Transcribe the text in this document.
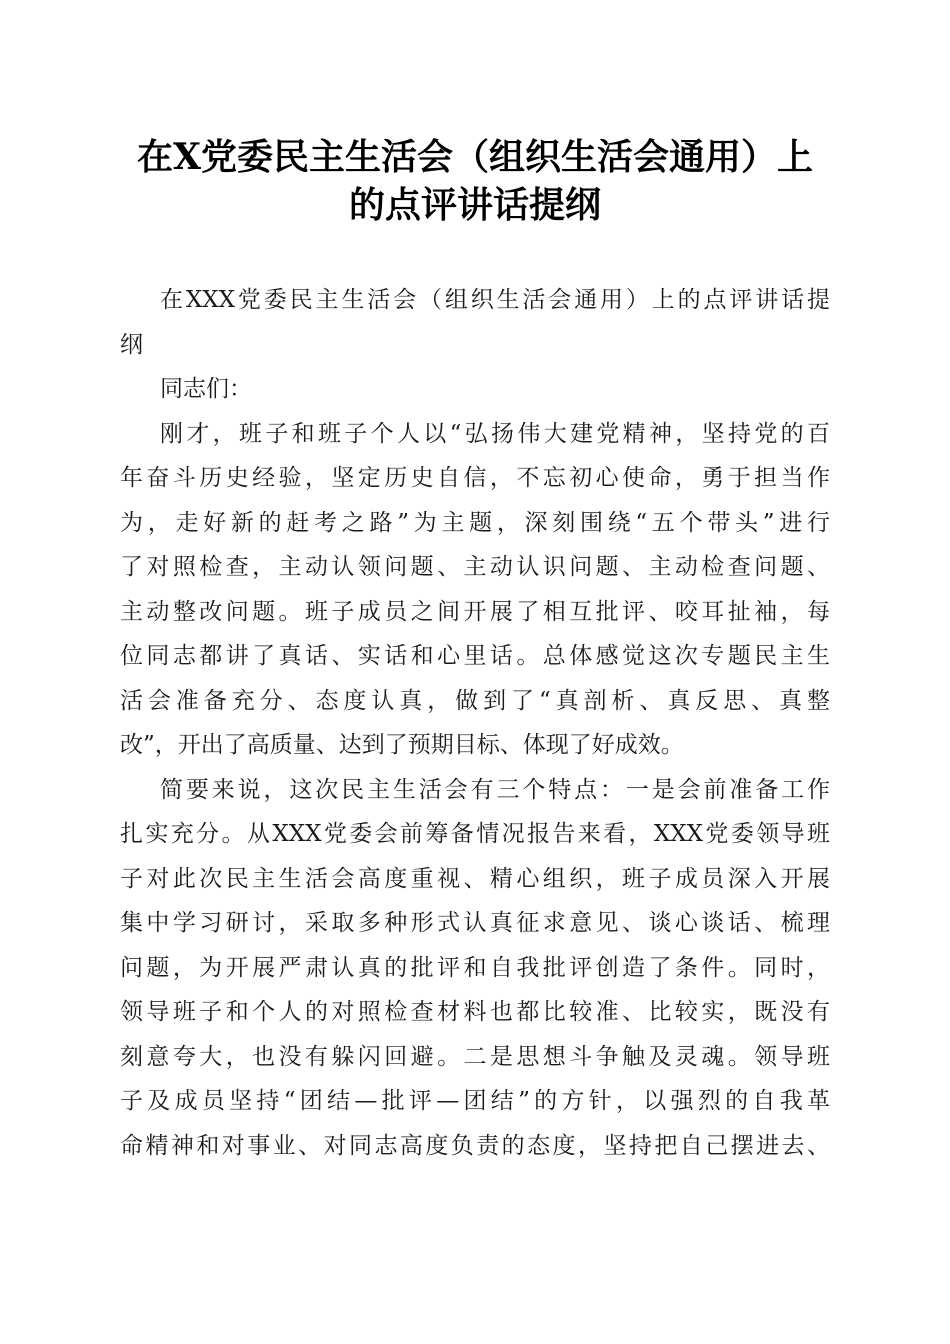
在X党委民主生活会（组织生活会通用）上
的点评讲话提纲
在XXX党委民主生活会（组织生活会通用）上的点评讲话提
纲
同志们：
刚才，班子和班子个人以“弘扬伟大建党精神，坚持党的百
年奋斗历史经验，坚定历史自信，不忘初心使命，勇于担当作
为，走好新的赶考之路”为主题，深刻围绕“五个带头”进行
了对照检查，主动认领问题、主动认识问题、主动检查问题、
主动整改问题。班子成员之间开展了相互批评、咬耳扯袖，每
位同志都讲了真话、实话和心里话。总体感觉这次专题民主生
活会准备充分、态度认真，做到了“真剖析、真反思、真整
改”，开出了高质量、达到了预期目标、体现了好成效。
简要来说，这次民主生活会有三个特点：一是会前准备工作
扎实充分。从XXX党委会前筹备情况报告来看，XXX党委领导班
子对此次民主生活会高度重视、精心组织，班子成员深入开展
集中学习研讨，采取多种形式认真征求意见、谈心谈话、梳理
问题，为开展严肃认真的批评和自我批评创造了条件。同时，
领导班子和个人的对照检查材料也都比较准、比较实，既没有
刻意夸大，也没有躲闪回避。二是思想斗争触及灵魂。领导班
子及成员坚持“团结—批评—团结”的方针，以强烈的自我革
命精神和对事业、对同志高度负责的态度，坚持把自己摆进去、
